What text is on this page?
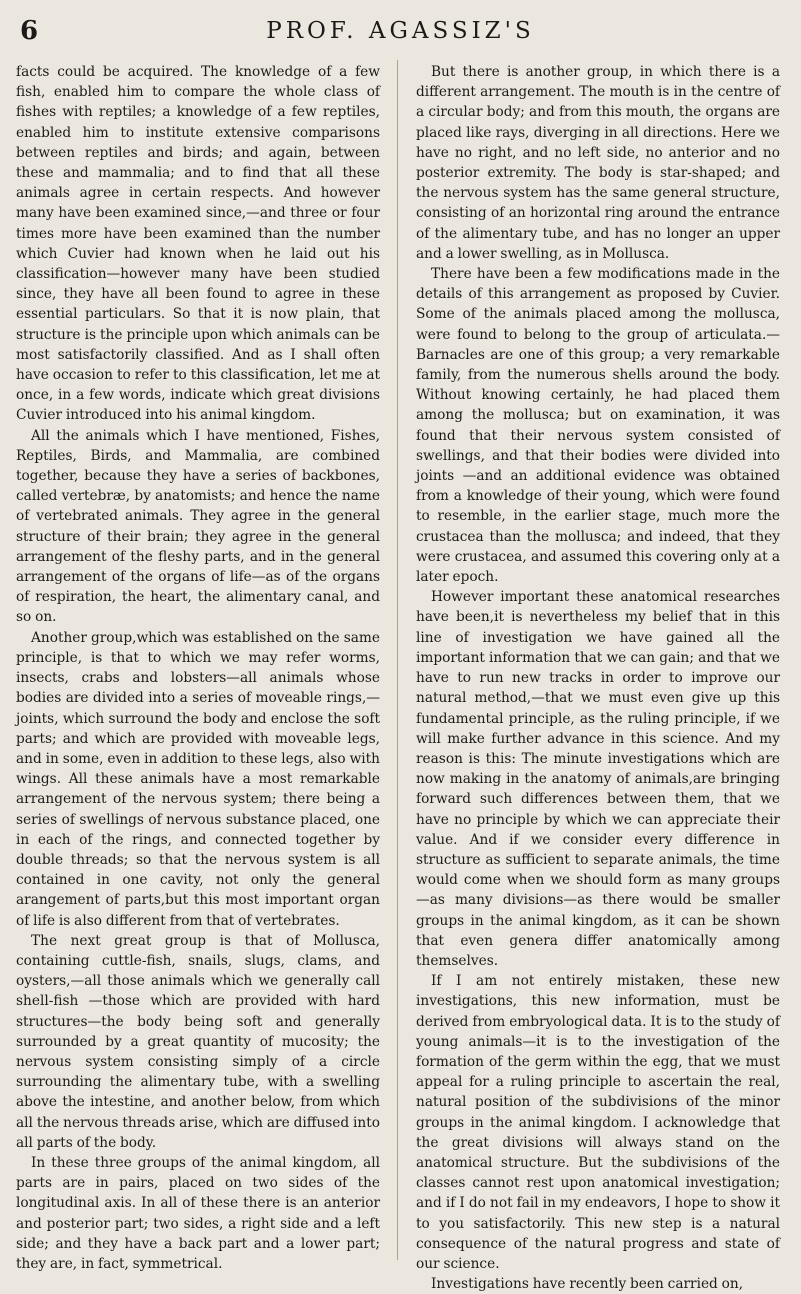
6	PROF. AGASSIZ'S

facts could be acquired. The knowledge of a few fish, enabled him to compare the whole class of fishes with reptiles; a knowledge of a few reptiles, enabled him to institute extensive comparisons between reptiles and birds; and again, between these and mammalia; and to find that all these animals agree in certain respects. And however many have been examined since,—and three or four times more have been examined than the number which Cuvier had known when he laid out his classification—however many have been studied since, they have all been found to agree in these essential particulars. So that it is now plain, that structure is the principle upon which animals can be most satisfactorily classified. And as I shall often have occasion to refer to this classification, let me at once, in a few words, indicate which great divisions Cuvier introduced into his animal kingdom.

All the animals which I have mentioned, Fishes, Reptiles, Birds, and Mammalia, are combined together, because they have a series of backbones, called vertebræ, by anatomists; and hence the name of vertebrated animals. They agree in the general structure of their brain; they agree in the general arrangement of the fleshy parts, and in the general arrangement of the organs of life—as of the organs of respiration, the heart, the alimentary canal, and so on.

Another group,which was established on the same principle, is that to which we may refer worms, insects, crabs and lobsters—all animals whose bodies are divided into a series of moveable rings,—joints, which surround the body and enclose the soft parts; and which are provided with moveable legs, and in some, even in addition to these legs, also with wings. All these animals have a most remarkable arrangement of the nervous system; there being a series of swellings of nervous substance placed, one in each of the rings, and connected together by double threads; so that the nervous system is all contained in one cavity, not only the general arangement of parts,but this most important organ of life is also different from that of vertebrates.

The next great group is that of Mollusca, containing cuttle-fish, snails, slugs, clams, and oysters,—all those animals which we generally call shell-fish —those which are provided with hard structures—the body being soft and generally surrounded by a great quantity of mucosity; the nervous system consisting simply of a circle surrounding the alimentary tube, with a swelling above the intestine, and another below, from which all the nervous threads arise, which are diffused into all parts of the body.

In these three groups of the animal kingdom, all parts are in pairs, placed on two sides of the longitudinal axis. In all of these there is an anterior and posterior part; two sides, a right side and a left side; and they have a back part and a lower part; they are, in fact, symmetrical.

But there is another group, in which there is a different arrangement. The mouth is in the centre of a circular body; and from this mouth, the organs are placed like rays, diverging in all directions. Here we have no right, and no left side, no anterior and no posterior extremity. The body is star-shaped; and the nervous system has the same general structure, consisting of an horizontal ring around the entrance of the alimentary tube, and has no longer an upper and a lower swelling, as in Mollusca.

There have been a few modifications made in the details of this arrangement as proposed by Cuvier. Some of the animals placed among the mollusca, were found to belong to the group of articulata.— Barnacles are one of this group; a very remarkable family, from the numerous shells around the body. Without knowing certainly, he had placed them among the mollusca; but on examination, it was found that their nervous system consisted of swellings, and that their bodies were divided into joints —and an additional evidence was obtained from a knowledge of their young, which were found to resemble, in the earlier stage, much more the crustacea than the mollusca; and indeed, that they were crustacea, and assumed this covering only at a later epoch.

However important these anatomical researches have been,it is nevertheless my belief that in this line of investigation we have gained all the important information that we can gain; and that we have to run new tracks in order to improve our natural method,—that we must even give up this fundamental principle, as the ruling principle, if we will make further advance in this science. And my reason is this: The minute investigations which are now making in the anatomy of animals,are bringing forward such differences between them, that we have no principle by which we can appreciate their value. And if we consider every difference in structure as sufficient to separate animals, the time would come when we should form as many groups —as many divisions—as there would be smaller groups in the animal kingdom, as it can be shown that even genera differ anatomically among themselves.

If I am not entirely mistaken, these new investigations, this new information, must be derived from embryological data. It is to the study of young animals—it is to the investigation of the formation of the germ within the egg, that we must appeal for a ruling principle to ascertain the real, natural position of the subdivisions of the minor groups in the animal kingdom. I acknowledge that the great divisions will always stand on the anatomical structure. But the subdivisions of the classes cannot rest upon anatomical investigation; and if I do not fail in my endeavors, I hope to show it to you satisfactorily. This new step is a natural consequence of the natural progress and state of our science.

Investigations have recently been carried on,
